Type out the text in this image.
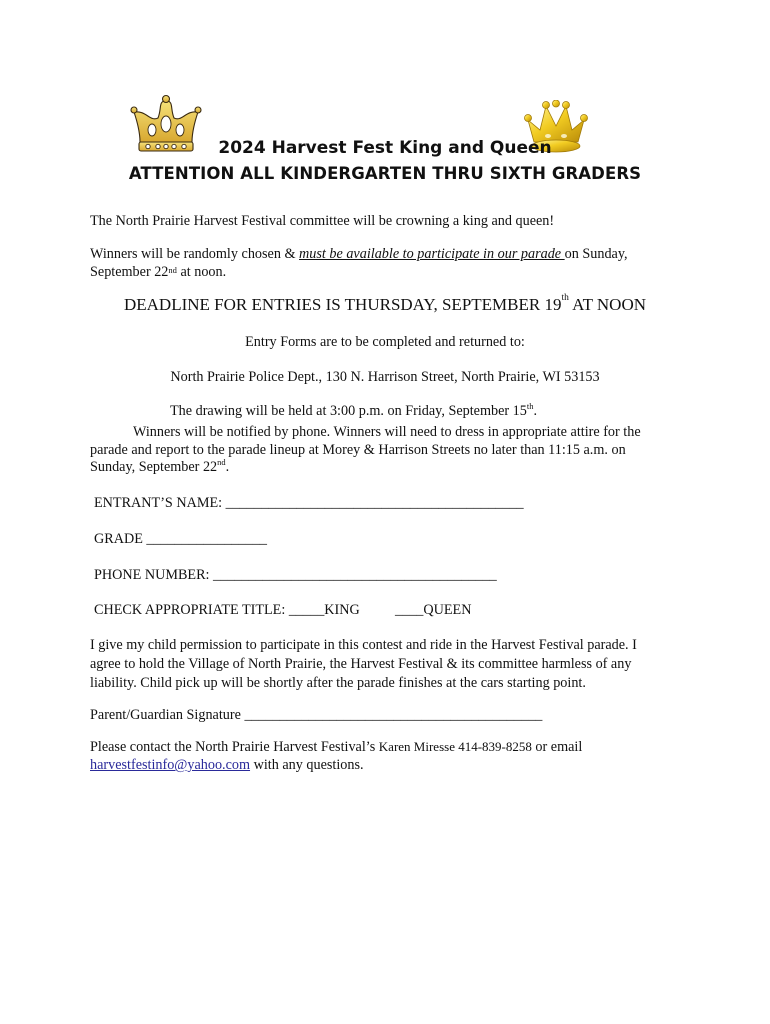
2024 Harvest Fest King and Queen
ATTENTION ALL KINDERGARTEN THRU SIXTH GRADERS
The North Prairie Harvest Festival committee will be crowning a king and queen!
Winners will be randomly chosen & must be available to participate in our parade on Sunday,
September 22nd at noon.
DEADLINE FOR ENTRIES IS THURSDAY, SEPTEMBER 19th AT NOON
Entry Forms are to be completed and returned to:
North Prairie Police Dept., 130 N. Harrison Street, North Prairie, WI 53153
The drawing will be held at 3:00 p.m. on Friday, September 15th.
Winners will be notified by phone. Winners will need to dress in appropriate attire for the
parade and report to the parade lineup at Morey & Harrison Streets no later than 11:15 a.m. on
Sunday, September 22nd.
ENTRANT’S NAME: __________________________________________
GRADE _________________
PHONE NUMBER: ________________________________________
CHECK APPROPRIATE TITLE: _____KING ____QUEEN
I give my child permission to participate in this contest and ride in the Harvest Festival parade. I
agree to hold the Village of North Prairie, the Harvest Festival & its committee harmless of any
liability. Child pick up will be shortly after the parade finishes at the cars starting point.
Parent/Guardian Signature __________________________________________
Please contact the North Prairie Harvest Festival’s Karen Miresse 414-839-8258 or email
harvestfestinfo@yahoo.com with any questions.
